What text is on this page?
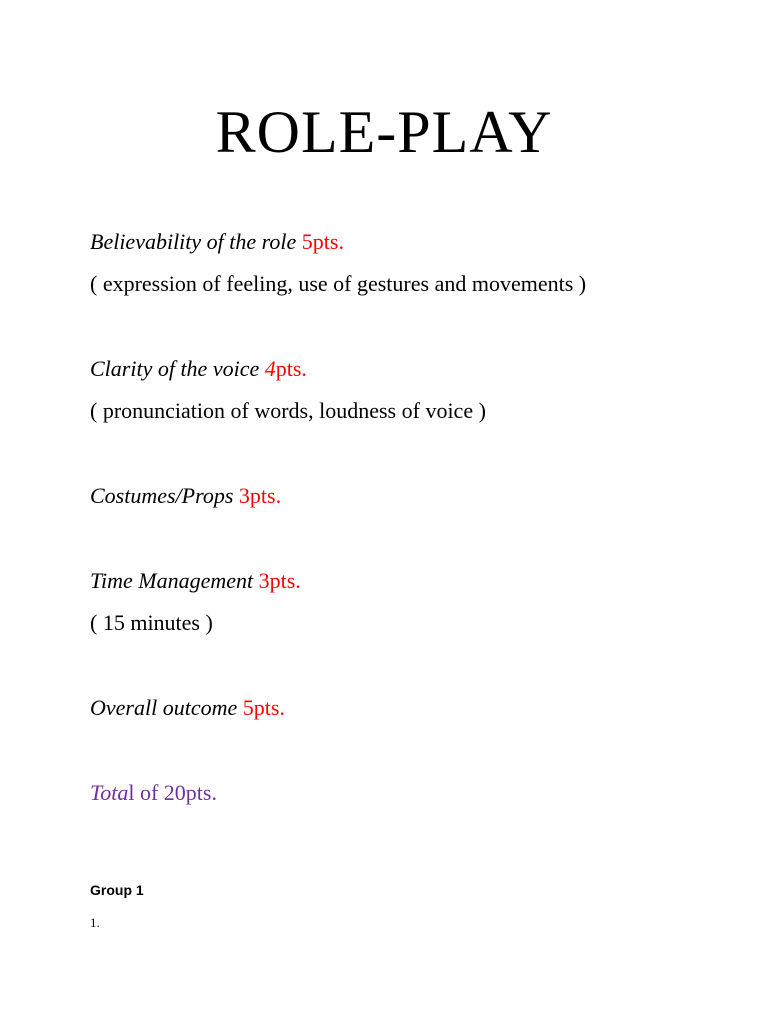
ROLE-PLAY
Believability of the role 5pts.
( expression of feeling, use of gestures and movements )
Clarity of the voice 4pts.
( pronunciation of words, loudness of voice )
Costumes/Props 3pts.
Time Management 3pts.
( 15 minutes )
Overall outcome 5pts.
Total of 20pts.
Group 1
1.
